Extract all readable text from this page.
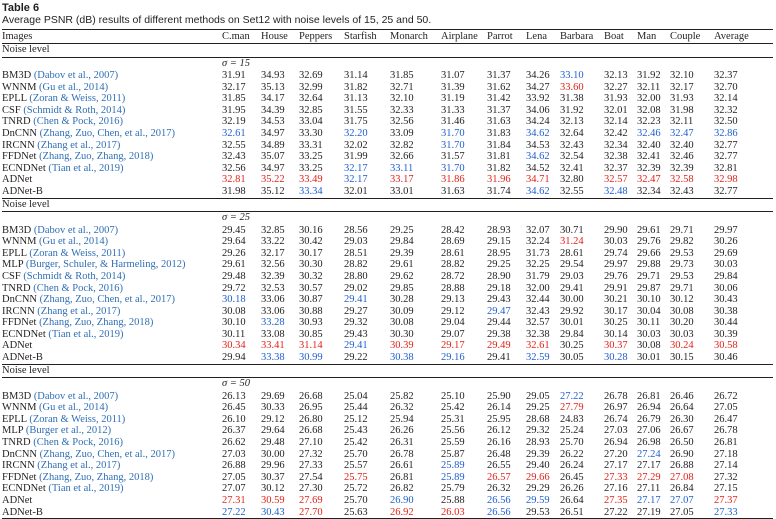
Table 6
Average PSNR (dB) results of different methods on Set12 with noise levels of 15, 25 and 50.
Images	C.man	House	Peppers	Starfish	Monarch	Airplane	Parrot	Lena	Barbara	Boat	Man	Couple	Average
Noise level													
	σ = 15												
BM3D (Dabov et al., 2007)	31.91	34.93	32.69	31.14	31.85	31.07	31.37	34.26	33.10	32.13	31.92	32.10	32.37
WNNM (Gu et al., 2014)	32.17	35.13	32.99	31.82	32.71	31.39	31.62	34.27	33.60	32.27	32.11	32.17	32.70
EPLL (Zoran & Weiss, 2011)	31.85	34.17	32.64	31.13	32.10	31.19	31.42	33.92	31.38	31.93	32.00	31.93	32.14
CSF (Schmidt & Roth, 2014)	31.95	34.39	32.85	31.55	32.33	31.33	31.37	34.06	31.92	32.01	32.08	31.98	32.32
TNRD (Chen & Pock, 2016)	32.19	34.53	33.04	31.75	32.56	31.46	31.63	34.24	32.13	32.14	32.23	32.11	32.50
DnCNN (Zhang, Zuo, Chen, et al., 2017)	32.61	34.97	33.30	32.20	33.09	31.70	31.83	34.62	32.64	32.42	32.46	32.47	32.86
IRCNN (Zhang et al., 2017)	32.55	34.89	33.31	32.02	32.82	31.70	31.84	34.53	32.43	32.34	32.40	32.40	32.77
FFDNet (Zhang, Zuo, Zhang, 2018)	32.43	35.07	33.25	31.99	32.66	31.57	31.81	34.62	32.54	32.38	32.41	32.46	32.77
ECNDNet (Tian et al., 2019)	32.56	34.97	33.25	32.17	33.11	31.70	31.82	34.52	32.41	32.37	32.39	32.39	32.81
ADNet	32.81	35.22	33.49	32.17	33.17	31.86	31.96	34.71	32.80	32.57	32.47	32.58	32.98
ADNet-B	31.98	35.12	33.34	32.01	33.01	31.63	31.74	34.62	32.55	32.48	32.34	32.43	32.77
Noise level													
	σ = 25												
BM3D (Dabov et al., 2007)	29.45	32.85	30.16	28.56	29.25	28.42	28.93	32.07	30.71	29.90	29.61	29.71	29.97
WNNM (Gu et al., 2014)	29.64	33.22	30.42	29.03	29.84	28.69	29.15	32.24	31.24	30.03	29.76	29.82	30.26
EPLL (Zoran & Weiss, 2011)	29.26	32.17	30.17	28.51	29.39	28.61	28.95	31.73	28.61	29.74	29.66	29.53	29.69
MLP (Burger, Schuler, & Harmeling, 2012)	29.61	32.56	30.30	28.82	29.61	28.82	29.25	32.25	29.54	29.97	29.88	29.73	30.03
CSF (Schmidt & Roth, 2014)	29.48	32.39	30.32	28.80	29.62	28.72	28.90	31.79	29.03	29.76	29.71	29.53	29.84
TNRD (Chen & Pock, 2016)	29.72	32.53	30.57	29.02	29.85	28.88	29.18	32.00	29.41	29.91	29.87	29.71	30.06
DnCNN (Zhang, Zuo, Chen, et al., 2017)	30.18	33.06	30.87	29.41	30.28	29.13	29.43	32.44	30.00	30.21	30.10	30.12	30.43
IRCNN (Zhang et al., 2017)	30.08	33.06	30.88	29.27	30.09	29.12	29.47	32.43	29.92	30.17	30.04	30.08	30.38
FFDNet (Zhang, Zuo, Zhang, 2018)	30.10	33.28	30.93	29.32	30.08	29.04	29.44	32.57	30.01	30.25	30.11	30.20	30.44
ECNDNet (Tian et al., 2019)	30.11	33.08	30.85	29.43	30.30	29.07	29.38	32.38	29.84	30.14	30.03	30.03	30.39
ADNet	30.34	33.41	31.14	29.41	30.39	29.17	29.49	32.61	30.25	30.37	30.08	30.24	30.58
ADNet-B	29.94	33.38	30.99	29.22	30.38	29.16	29.41	32.59	30.05	30.28	30.01	30.15	30.46
Noise level													
	σ = 50												
BM3D (Dabov et al., 2007)	26.13	29.69	26.68	25.04	25.82	25.10	25.90	29.05	27.22	26.78	26.81	26.46	26.72
WNNM (Gu et al., 2014)	26.45	30.33	26.95	25.44	26.32	25.42	26.14	29.25	27.79	26.97	26.94	26.64	27.05
EPLL (Zoran & Weiss, 2011)	26.10	29.12	26.80	25.12	25.94	25.31	25.95	28.68	24.83	26.74	26.79	26.30	26.47
MLP (Burger et al., 2012)	26.37	29.64	26.68	25.43	26.26	25.56	26.12	29.32	25.24	27.03	27.06	26.67	26.78
TNRD (Chen & Pock, 2016)	26.62	29.48	27.10	25.42	26.31	25.59	26.16	28.93	25.70	26.94	26.98	26.50	26.81
DnCNN (Zhang, Zuo, Chen, et al., 2017)	27.03	30.00	27.32	25.70	26.78	25.87	26.48	29.39	26.22	27.20	27.24	26.90	27.18
IRCNN (Zhang et al., 2017)	26.88	29.96	27.33	25.57	26.61	25.89	26.55	29.40	26.24	27.17	27.17	26.88	27.14
FFDNet (Zhang, Zuo, Zhang, 2018)	27.05	30.37	27.54	25.75	26.81	25.89	26.57	29.66	26.45	27.33	27.29	27.08	27.32
ECNDNet (Tian et al., 2019)	27.07	30.12	27.30	25.72	26.82	25.79	26.32	29.29	26.26	27.16	27.11	26.84	27.15
ADNet	27.31	30.59	27.69	25.70	26.90	25.88	26.56	29.59	26.64	27.35	27.17	27.07	27.37
ADNet-B	27.22	30.43	27.70	25.63	26.92	26.03	26.56	29.53	26.51	27.22	27.19	27.05	27.33
